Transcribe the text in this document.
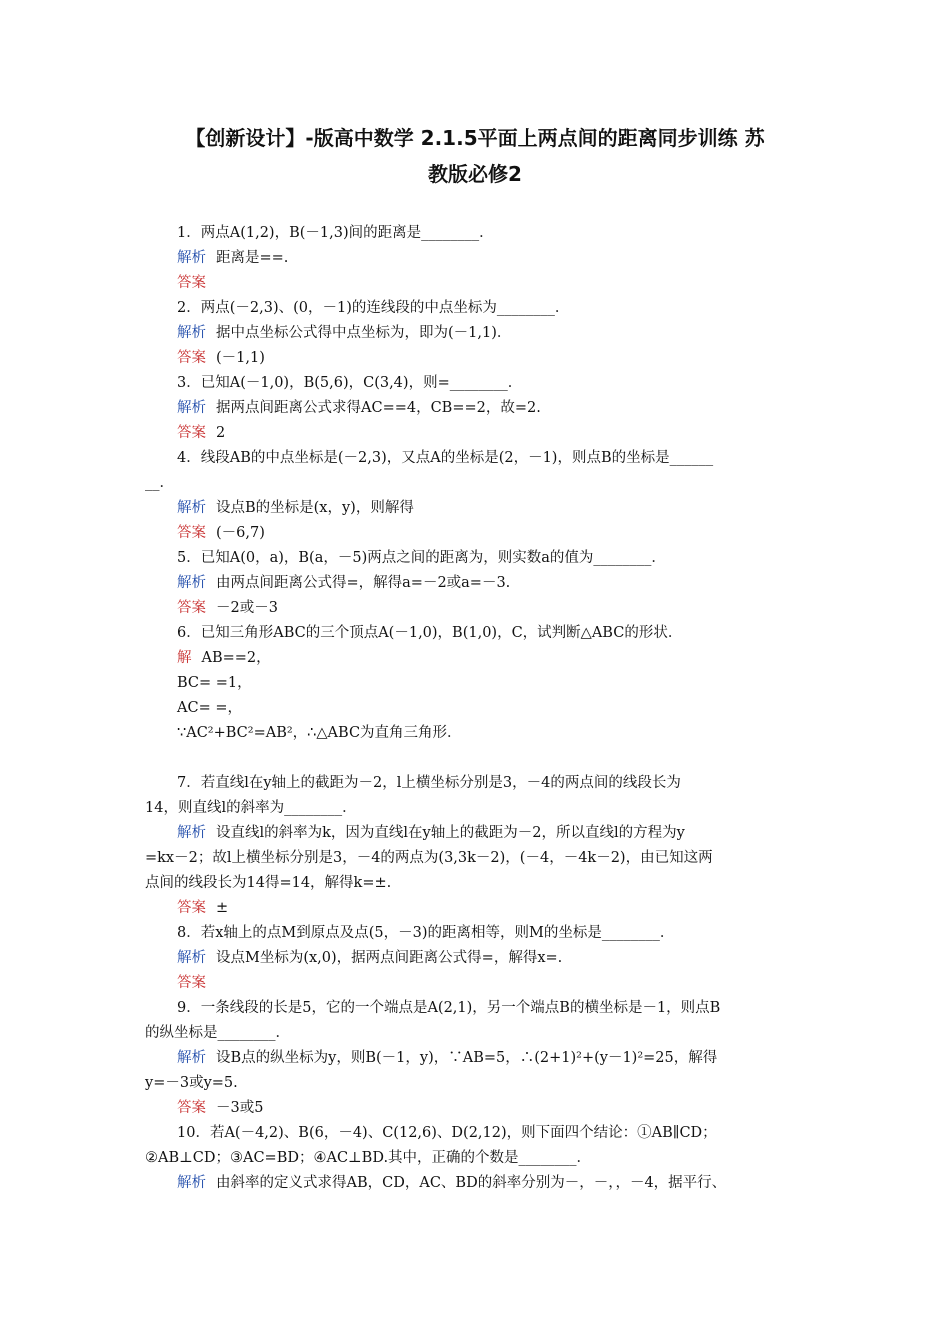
【创新设计】-版高中数学 2.1.5平面上两点间的距离同步训练 苏
教版必修2
1．两点A(1,2)，B(－1,3)间的距离是________．
解析 距离是==.
答案
2．两点(－2,3)、(0，－1)的连线段的中点坐标为________．
解析 据中点坐标公式得中点坐标为，即为(－1,1)．
答案 (－1,1)
3．已知A(－1,0)，B(5,6)，C(3,4)，则=________．
解析 据两点间距离公式求得AC==4，CB==2，故=2.
答案 2
4．线段AB的中点坐标是(－2,3)，又点A的坐标是(2，－1)，则点B的坐标是______
__．
解析 设点B的坐标是(x，y)，则解得
答案 (－6,7)
5．已知A(0，a)，B(a，－5)两点之间的距离为，则实数a的值为________．
解析 由两点间距离公式得=，解得a=－2或a=－3.
答案 －2或－3
6．已知三角形ABC的三个顶点A(－1,0)，B(1,0)，C，试判断△ABC的形状．
解 AB==2，
BC= =1，
AC= =，
∵AC²+BC²=AB²，∴△ABC为直角三角形．
7．若直线l在y轴上的截距为－2，l上横坐标分别是3，－4的两点间的线段长为
14，则直线l的斜率为________．
解析 设直线l的斜率为k，因为直线l在y轴上的截距为－2，所以直线l的方程为y
=kx－2；故l上横坐标分别是3，－4的两点为(3,3k－2)，(－4，－4k－2)，由已知这两
点间的线段长为14得=14，解得k=±.
答案 ±
8．若x轴上的点M到原点及点(5，－3)的距离相等，则M的坐标是________．
解析 设点M坐标为(x,0)，据两点间距离公式得=，解得x=.
答案
9．一条线段的长是5，它的一个端点是A(2,1)，另一个端点B的横坐标是－1，则点B
的纵坐标是________．
解析 设B点的纵坐标为y，则B(－1，y)，∵AB=5，∴(2+1)²+(y－1)²=25，解得
y=－3或y=5.
答案 －3或5
10．若A(－4,2)、B(6，－4)、C(12,6)、D(2,12)，则下面四个结论：①AB∥CD；
②AB⊥CD；③AC=BD；④AC⊥BD.其中，正确的个数是________．
解析 由斜率的定义式求得AB，CD，AC、BD的斜率分别为－，－，，－4，据平行、
